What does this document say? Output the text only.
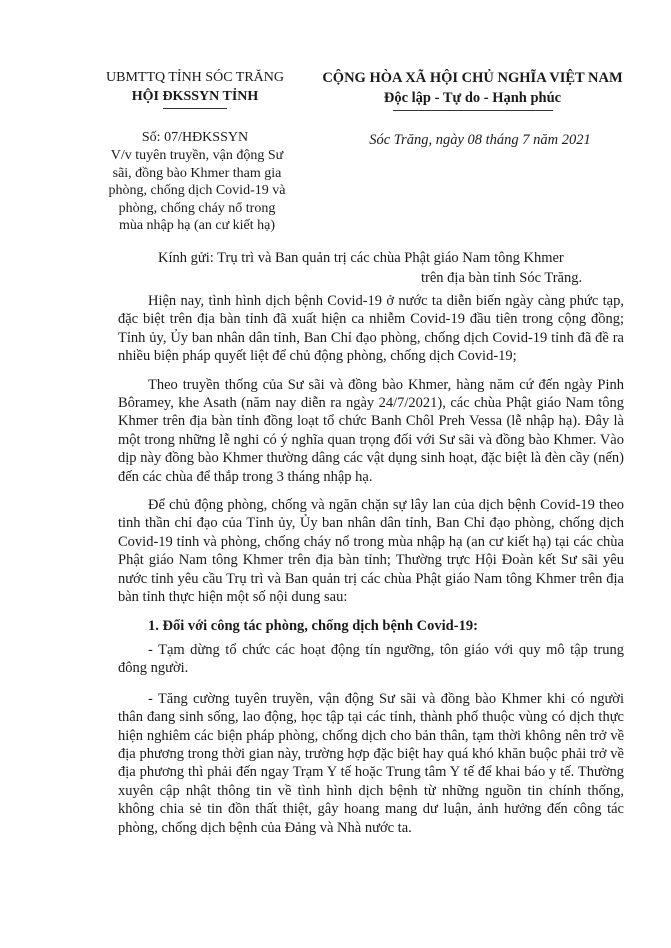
UBMTTQ TỈNH SÓC TRĂNG
HỘI ĐKSSYN TỈNH
CỘNG HÒA XÃ HỘI CHỦ NGHĨA VIỆT NAM
Độc lập - Tự do - Hạnh phúc
Số: 07/HĐKSSYN
V/v tuyên truyền, vận động Sư sãi, đồng bào Khmer tham gia phòng, chống dịch Covid-19 và phòng, chống cháy nổ trong mùa nhập hạ (an cư kiết hạ)
Sóc Trăng, ngày 08 tháng 7 năm 2021
Kính gửi: Trụ trì và Ban quản trị các chùa Phật giáo Nam tông Khmer
trên địa bàn tỉnh Sóc Trăng.

Hiện nay, tình hình dịch bệnh Covid-19 ở nước ta diễn biến ngày càng phức tạp, đặc biệt trên địa bàn tỉnh đã xuất hiện ca nhiễm Covid-19 đầu tiên trong cộng đồng; Tỉnh ủy, Ủy ban nhân dân tỉnh, Ban Chỉ đạo phòng, chống dịch Covid-19 tỉnh đã đề ra nhiều biện pháp quyết liệt để chủ động phòng, chống dịch Covid-19;

Theo truyền thống của Sư sãi và đồng bào Khmer, hàng năm cứ đến ngày Pinh Bôramey, khe Asath (năm nay diễn ra ngày 24/7/2021), các chùa Phật giáo Nam tông Khmer trên địa bàn tỉnh đồng loạt tổ chức Banh Chôl Preh Vessa (lễ nhập hạ). Đây là một trong những lễ nghi có ý nghĩa quan trọng đối với Sư sãi và đồng bào Khmer. Vào dịp này đồng bào Khmer thường dâng các vật dụng sinh hoạt, đặc biệt là đèn cầy (nến) đến các chùa để thắp trong 3 tháng nhập hạ.

Để chủ động phòng, chống và ngăn chặn sự lây lan của dịch bệnh Covid-19 theo tinh thần chỉ đạo của Tỉnh ủy, Ủy ban nhân dân tỉnh, Ban Chỉ đạo phòng, chống dịch Covid-19 tỉnh và phòng, chống cháy nổ trong mùa nhập hạ (an cư kiết hạ) tại các chùa Phật giáo Nam tông Khmer trên địa bàn tỉnh; Thường trực Hội Đoàn kết Sư sãi yêu nước tỉnh yêu cầu Trụ trì và Ban quản trị các chùa Phật giáo Nam tông Khmer trên địa bàn tỉnh thực hiện một số nội dung sau:

1. Đối với công tác phòng, chống dịch bệnh Covid-19:

- Tạm dừng tổ chức các hoạt động tín ngưỡng, tôn giáo với quy mô tập trung đông người.

- Tăng cường tuyên truyền, vận động Sư sãi và đồng bào Khmer khi có người thân đang sinh sống, lao động, học tập tại các tỉnh, thành phố thuộc vùng có dịch thực hiện nghiêm các biện pháp phòng, chống dịch cho bản thân, tạm thời không nên trở về địa phương trong thời gian này, trường hợp đặc biệt hay quá khó khăn buộc phải trở về địa phương thì phải đến ngay Trạm Y tế hoặc Trung tâm Y tế để khai báo y tế. Thường xuyên cập nhật thông tin về tình hình dịch bệnh từ những nguồn tin chính thống, không chia sẻ tin đồn thất thiệt, gây hoang mang dư luận, ảnh hưởng đến công tác phòng, chống dịch bệnh của Đảng và Nhà nước ta.
